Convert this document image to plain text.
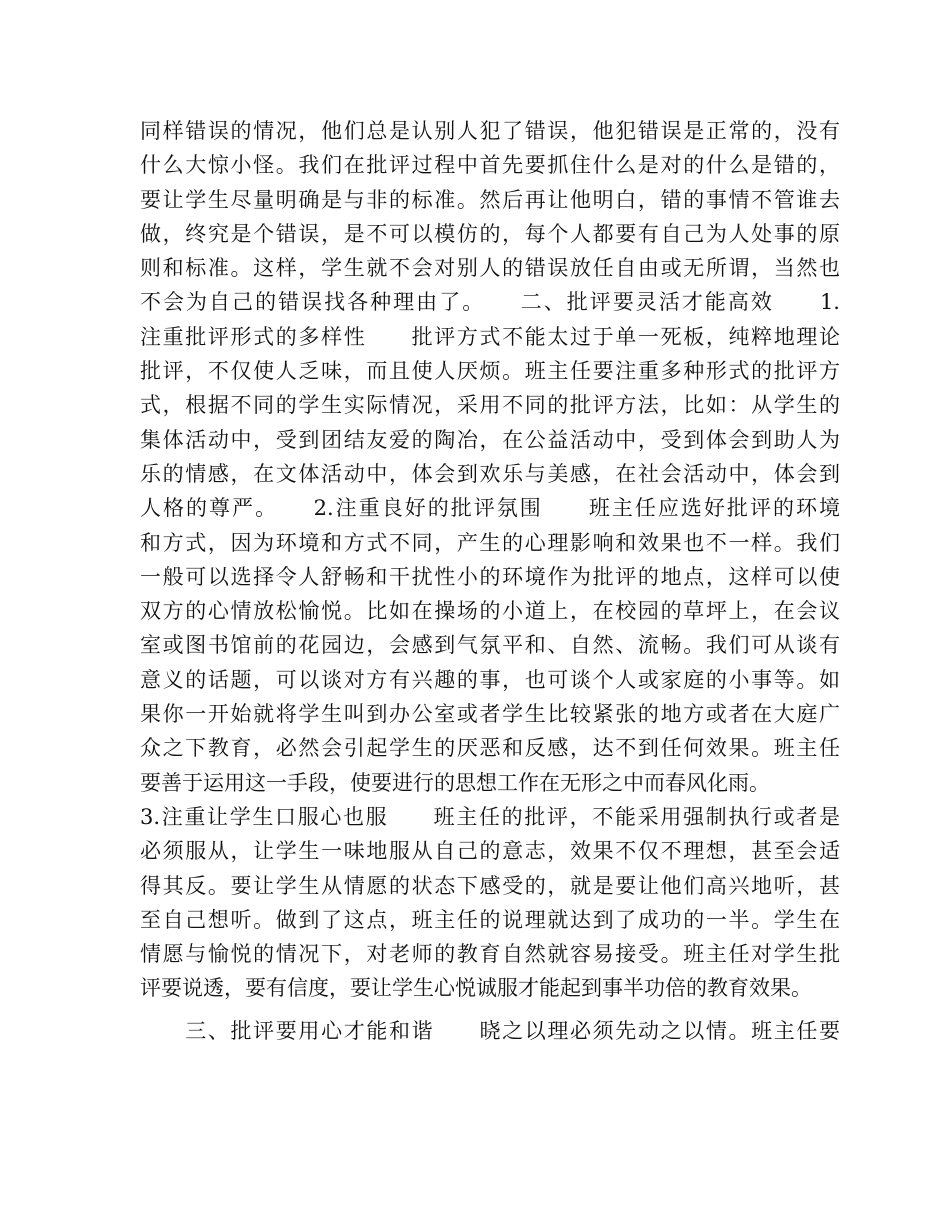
同样错误的情况，他们总是认别人犯了错误，他犯错误是正常的，没有
什么大惊小怪。我们在批评过程中首先要抓住什么是对的什么是错的，
要让学生尽量明确是与非的标准。然后再让他明白，错的事情不管谁去
做，终究是个错误，是不可以模仿的，每个人都要有自己为人处事的原
则和标准。这样，学生就不会对别人的错误放任自由或无所谓，当然也
不会为自己的错误找各种理由了。　　二、批评要灵活才能高效　　1.
注重批评形式的多样性　　批评方式不能太过于单一死板，纯粹地理论
批评，不仅使人乏味，而且使人厌烦。班主任要注重多种形式的批评方
式，根据不同的学生实际情况，采用不同的批评方法，比如：从学生的
集体活动中，受到团结友爱的陶冶，在公益活动中，受到体会到助人为
乐的情感，在文体活动中，体会到欢乐与美感，在社会活动中，体会到
人格的尊严。　　2.注重良好的批评氛围　　班主任应选好批评的环境
和方式，因为环境和方式不同，产生的心理影响和效果也不一样。我们
一般可以选择令人舒畅和干扰性小的环境作为批评的地点，这样可以使
双方的心情放松愉悦。比如在操场的小道上，在校园的草坪上，在会议
室或图书馆前的花园边，会感到气氛平和、自然、流畅。我们可从谈有
意义的话题，可以谈对方有兴趣的事，也可谈个人或家庭的小事等。如
果你一开始就将学生叫到办公室或者学生比较紧张的地方或者在大庭广
众之下教育，必然会引起学生的厌恶和反感，达不到任何效果。班主任
要善于运用这一手段，使要进行的思想工作在无形之中而春风化雨。
3.注重让学生口服心也服　　班主任的批评，不能采用强制执行或者是
必须服从，让学生一味地服从自己的意志，效果不仅不理想，甚至会适
得其反。要让学生从情愿的状态下感受的，就是要让他们高兴地听，甚
至自己想听。做到了这点，班主任的说理就达到了成功的一半。学生在
情愿与愉悦的情况下，对老师的教育自然就容易接受。班主任对学生批
评要说透，要有信度，要让学生心悦诚服才能起到事半功倍的教育效果。
　　三、批评要用心才能和谐　　晓之以理必须先动之以情。班主任要
